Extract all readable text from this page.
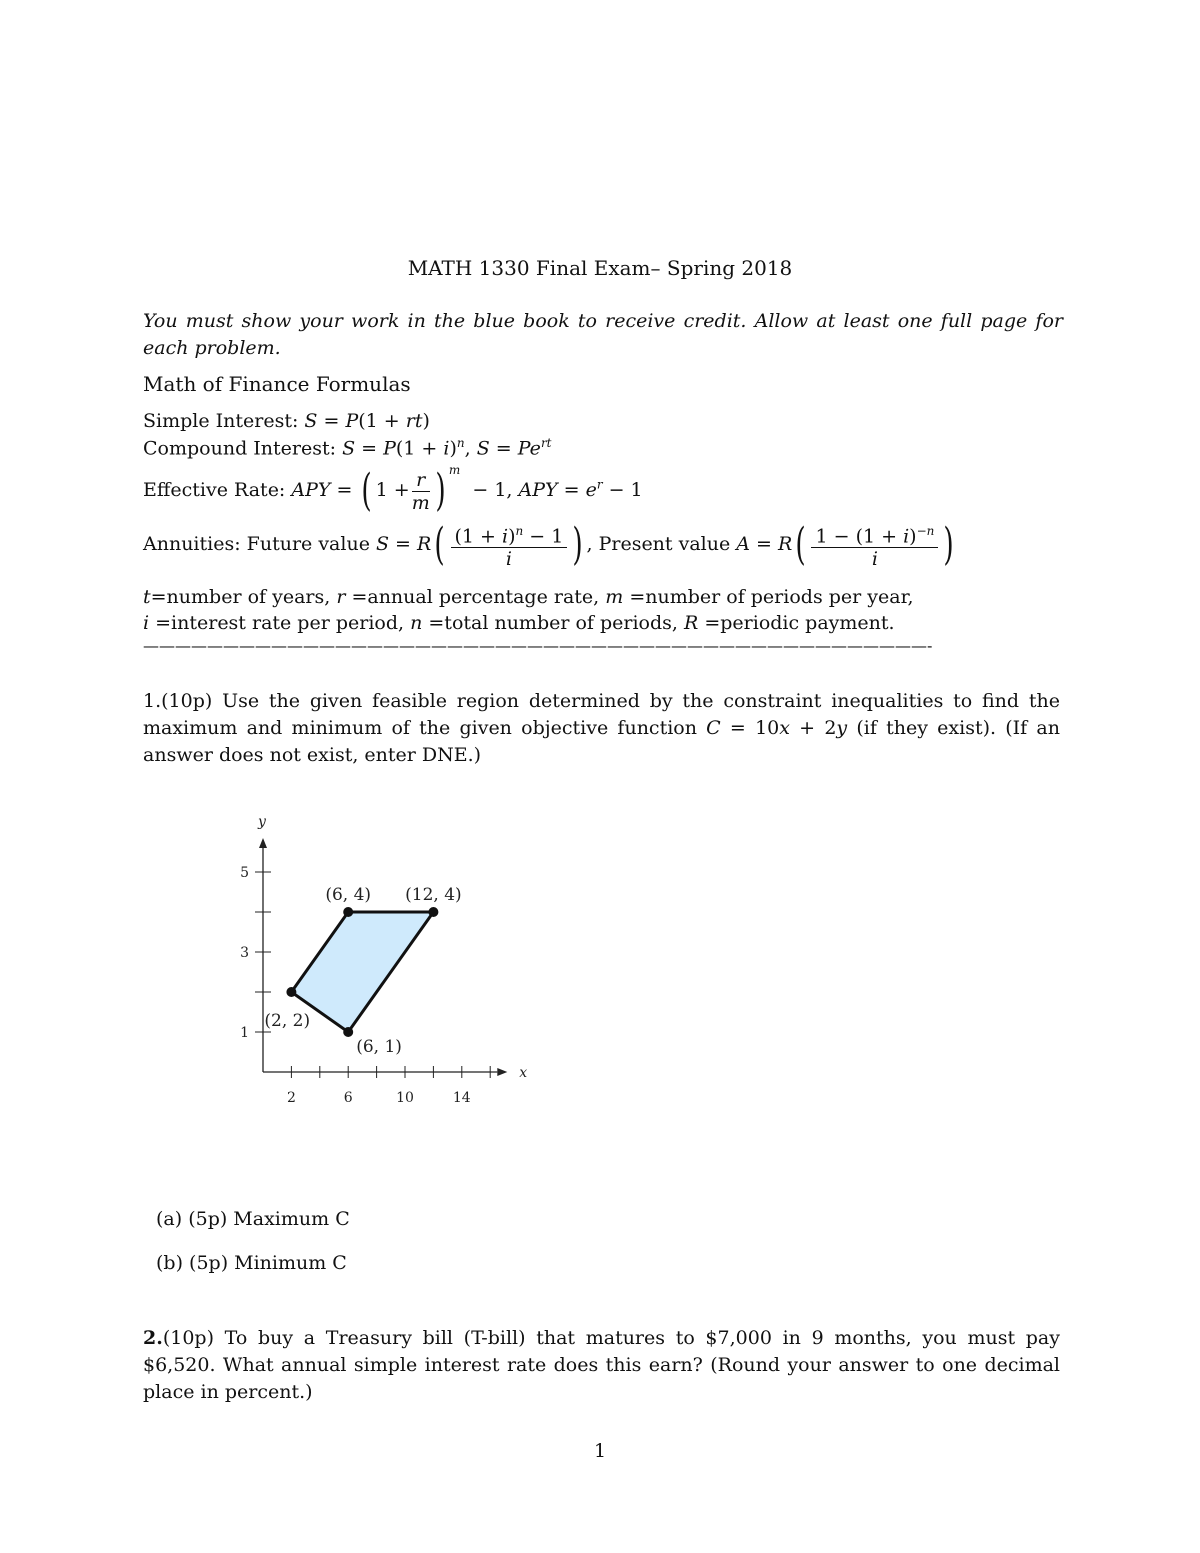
MATH 1330 Final Exam– Spring 2018
You must show your work in the blue book to receive credit. Allow at least one full page for each problem.
Math of Finance Formulas
Simple Interest: S = P(1 + rt)
Compound Interest: $S = P(1 + i)^n$, $S = Pe^{rt}$
Effective Rate: APY = ( $1 + \frac{r}{m}$ ) $^m$  − 1, APY = $e^r - 1$
Annuities: Future value $S = R( \frac{(1 + i)^n - 1}{i}$ ) , Present value $A = R( \frac{1 - (1 + i)^{-n}}{i}$ )
t=number of years, r =annual percentage rate, m =number of periods per year,
i =interest rate per period, n =total number of periods, R =periodic payment.
—————————————————————————————————————————————————-
1.(10p) Use the given feasible region determined by the constraint inequalities to find the maximum and minimum of the given objective function C = 10x + 2y (if they exist). (If an answer does not exist, enter DNE.)
x
y
2	6	10	14
1
3
5
(2, 2)
(6, 4) (12, 4)
(6, 1)
(a) (5p) Maximum C
(b) (5p) Minimum C
2.(10p) To buy a Treasury bill (T-bill) that matures to $7,000 in 9 months, you must pay $6,520. What annual simple interest rate does this earn? (Round your answer to one decimal place in percent.)
1
